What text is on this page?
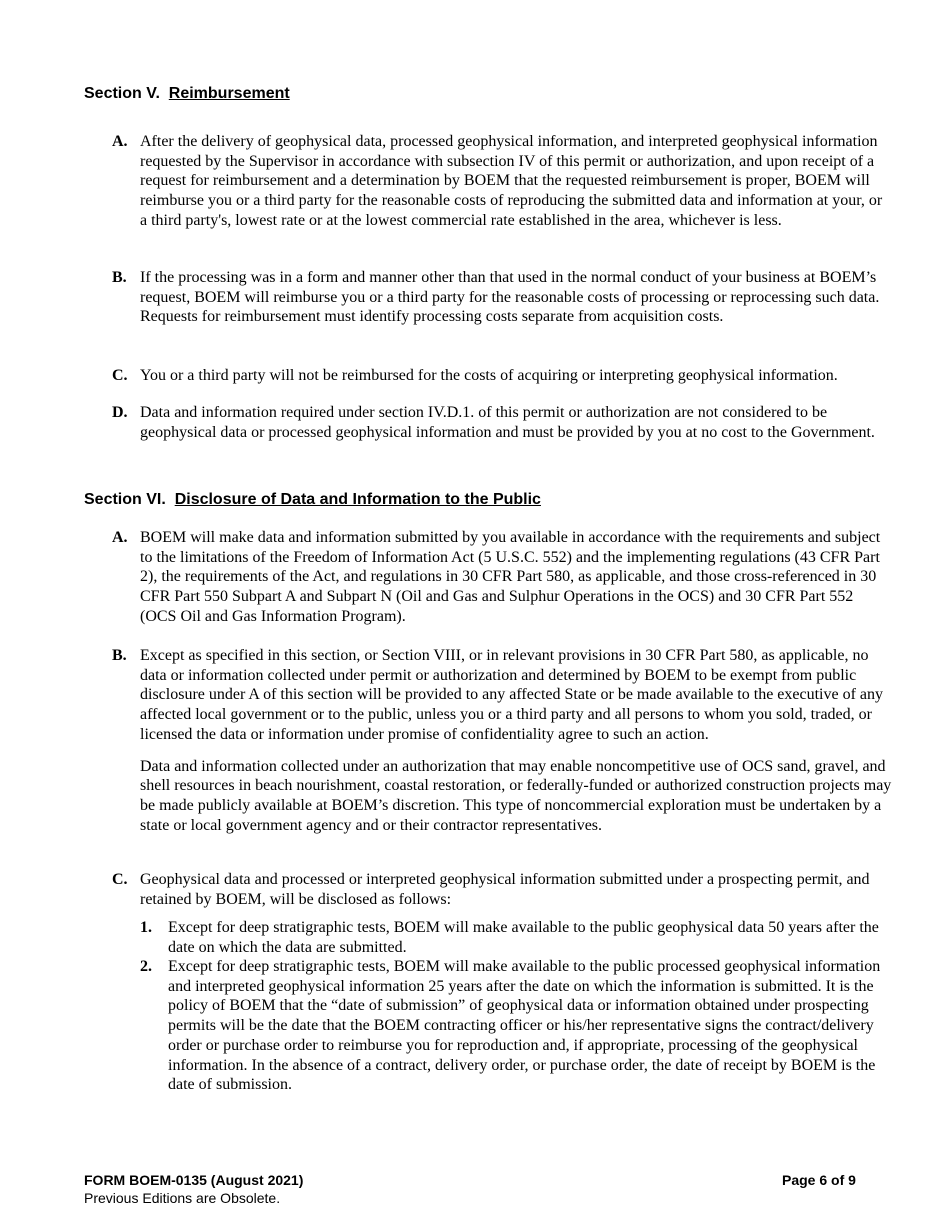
Section V. Reimbursement
A. After the delivery of geophysical data, processed geophysical information, and interpreted geophysical information requested by the Supervisor in accordance with subsection IV of this permit or authorization, and upon receipt of a request for reimbursement and a determination by BOEM that the requested reimbursement is proper, BOEM will reimburse you or a third party for the reasonable costs of reproducing the submitted data and information at your, or a third party's, lowest rate or at the lowest commercial rate established in the area, whichever is less.

B. If the processing was in a form and manner other than that used in the normal conduct of your business at BOEM’s request, BOEM will reimburse you or a third party for the reasonable costs of processing or reprocessing such data. Requests for reimbursement must identify processing costs separate from acquisition costs.

C. You or a third party will not be reimbursed for the costs of acquiring or interpreting geophysical information.

D. Data and information required under section IV.D.1. of this permit or authorization are not considered to be geophysical data or processed geophysical information and must be provided by you at no cost to the Government.

Section VI. Disclosure of Data and Information to the Public
A. BOEM will make data and information submitted by you available in accordance with the requirements and subject to the limitations of the Freedom of Information Act (5 U.S.C. 552) and the implementing regulations (43 CFR Part 2), the requirements of the Act, and regulations in 30 CFR Part 580, as applicable, and those cross-referenced in 30 CFR Part 550 Subpart A and Subpart N (Oil and Gas and Sulphur Operations in the OCS) and 30 CFR Part 552 (OCS Oil and Gas Information Program).

B. Except as specified in this section, or Section VIII, or in relevant provisions in 30 CFR Part 580, as applicable, no data or information collected under permit or authorization and determined by BOEM to be exempt from public disclosure under A of this section will be provided to any affected State or be made available to the executive of any affected local government or to the public, unless you or a third party and all persons to whom you sold, traded, or licensed the data or information under promise of confidentiality agree to such an action.

Data and information collected under an authorization that may enable noncompetitive use of OCS sand, gravel, and shell resources in beach nourishment, coastal restoration, or federally-funded or authorized construction projects may be made publicly available at BOEM’s discretion. This type of noncommercial exploration must be undertaken by a state or local government agency and or their contractor representatives.

C. Geophysical data and processed or interpreted geophysical information submitted under a prospecting permit, and retained by BOEM, will be disclosed as follows:

1. Except for deep stratigraphic tests, BOEM will make available to the public geophysical data 50 years after the date on which the data are submitted.
2. Except for deep stratigraphic tests, BOEM will make available to the public processed geophysical information and interpreted geophysical information 25 years after the date on which the information is submitted. It is the policy of BOEM that the “date of submission” of geophysical data or information obtained under prospecting permits will be the date that the BOEM contracting officer or his/her representative signs the contract/delivery order or purchase order to reimburse you for reproduction and, if appropriate, processing of the geophysical information. In the absence of a contract, delivery order, or purchase order, the date of receipt by BOEM is the date of submission.
FORM BOEM-0135 (August 2021)
Previous Editions are Obsolete.
Page 6 of 9
